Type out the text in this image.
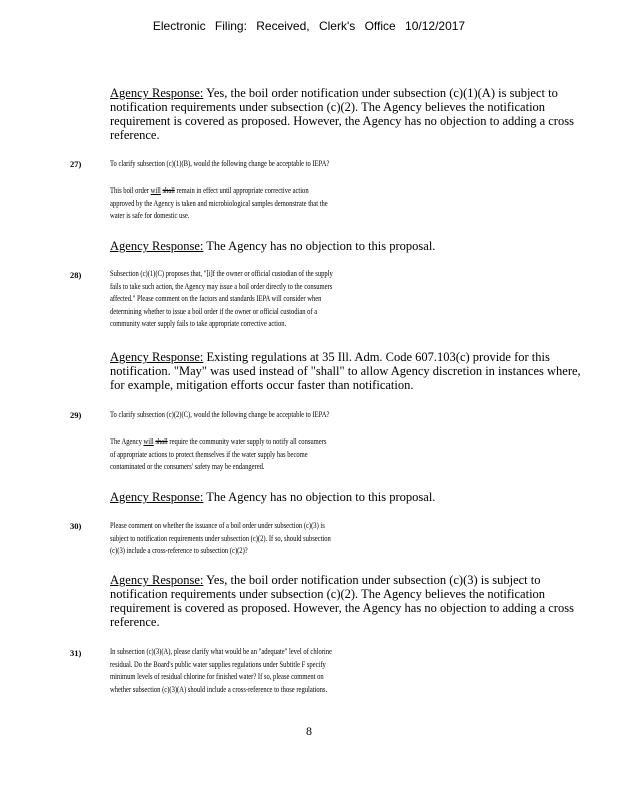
Electronic Filing: Received, Clerk's Office 10/12/2017
Agency Response: Yes, the boil order notification under subsection (c)(1)(A) is subject to notification requirements under subsection (c)(2). The Agency believes the notification requirement is covered as proposed. However, the Agency has no objection to adding a cross reference.
27)	To clarify subsection (c)(1)(B), would the following change be acceptable to IEPA?
This boil order will shall remain in effect until appropriate corrective action
approved by the Agency is taken and microbiological samples demonstrate that the
water is safe for domestic use.
Agency Response: The Agency has no objection to this proposal.
28)	Subsection (c)(1)(C) proposes that, "[i]f the owner or official custodian of the supply
fails to take such action, the Agency may issue a boil order directly to the consumers
affected." Please comment on the factors and standards IEPA will consider when
determining whether to issue a boil order if the owner or official custodian of a
community water supply fails to take appropriate corrective action.
Agency Response: Existing regulations at 35 Ill. Adm. Code 607.103(c) provide for this notification. "May" was used instead of "shall" to allow Agency discretion in instances where, for example, mitigation efforts occur faster than notification.
29)	To clarify subsection (c)(2)(C), would the following change be acceptable to IEPA?
The Agency will shall require the community water supply to notify all consumers
of appropriate actions to protect themselves if the water supply has become
contaminated or the consumers' safety may be endangered.
Agency Response: The Agency has no objection to this proposal.
30)	Please comment on whether the issuance of a boil order under subsection (c)(3) is
subject to notification requirements under subsection (c)(2). If so, should subsection
(c)(3) include a cross-reference to subsection (c)(2)?
Agency Response: Yes, the boil order notification under subsection (c)(3) is subject to notification requirements under subsection (c)(2). The Agency believes the notification requirement is covered as proposed. However, the Agency has no objection to adding a cross reference.
31)	In subsection (c)(3)(A), please clarify what would be an "adequate" level of chlorine
residual. Do the Board's public water supplies regulations under Subtitle F specify
minimum levels of residual chlorine for finished water? If so, please comment on
whether subsection (c)(3)(A) should include a cross-reference to those regulations.
8
